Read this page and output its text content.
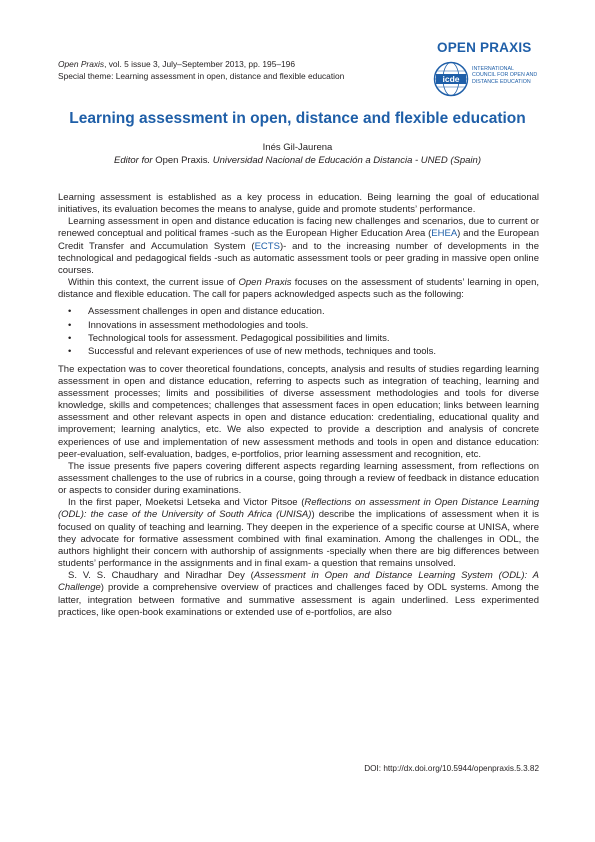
Open Praxis, vol. 5 issue 3, July–September 2013, pp. 195–196
Special theme: Learning assessment in open, distance and flexible education
OPEN PRAXIS
icde
INTERNATIONAL
COUNCIL FOR OPEN AND
DISTANCE EDUCATION
Learning assessment in open, distance and flexible education
Inés Gil-Jaurena
Editor for Open Praxis. Universidad Nacional de Educación a Distancia - UNED (Spain)

Learning assessment is established as a key process in education. Being learning the goal of educational initiatives, its evaluation becomes the means to analyse, guide and promote students’ performance.

Learning assessment in open and distance education is facing new challenges and scenarios, due to current or renewed conceptual and political frames -such as the European Higher Education Area (EHEA) and the European Credit Transfer and Accumulation System (ECTS)- and to the increasing number of developments in the technological and pedagogical fields -such as automatic assessment tools or peer grading in massive open online courses.

Within this context, the current issue of Open Praxis focuses on the assessment of students’ learning in open, distance and flexible education. The call for papers acknowledged aspects such as the following:

• Assessment challenges in open and distance education.
• Innovations in assessment methodologies and tools.
• Technological tools for assessment. Pedagogical possibilities and limits.
• Successful and relevant experiences of use of new methods, techniques and tools.

The expectation was to cover theoretical foundations, concepts, analysis and results of studies regarding learning assessment in open and distance education, referring to aspects such as integration of teaching, learning and assessment processes; limits and possibilities of diverse assessment methodologies and tools for diverse knowledge, skills and competences; challenges that assessment faces in open education; links between learning assessment and other relevant aspects in open and distance education: credentialing, educational quality and improvement; learning analytics, etc. We also expected to provide a description and analysis of concrete experiences of use and implementation of new assessment methods and tools in open and distance education: peer-evaluation, self-evaluation, badges, e-portfolios, prior learning assessment and recognition, etc.

The issue presents five papers covering different aspects regarding learning assessment, from reflections on assessment challenges to the use of rubrics in a course, going through a review of feedback in distance education or aspects to consider during examinations.

In the first paper, Moeketsi Letseka and Victor Pitsoe (Reflections on assessment in Open Distance Learning (ODL): the case of the University of South Africa (UNISA)) describe the implications of assessment when it is focused on quality of teaching and learning. They deepen in the experience of a specific course at UNISA, where they advocate for formative assessment combined with final examination. Among the challenges in ODL, the authors highlight their concern with authorship of assignments -specially when there are big differences between students’ performance in the assignments and in final exam- a question that remains unsolved.

S. V. S. Chaudhary and Niradhar Dey (Assessment in Open and Distance Learning System (ODL): A Challenge) provide a comprehensive overview of practices and challenges faced by ODL systems. Among the latter, integration between formative and summative assessment is again underlined. Less experimented practices, like open-book examinations or extended use of e-portfolios, are also

DOI: http://dx.doi.org/10.5944/openpraxis.5.3.82
